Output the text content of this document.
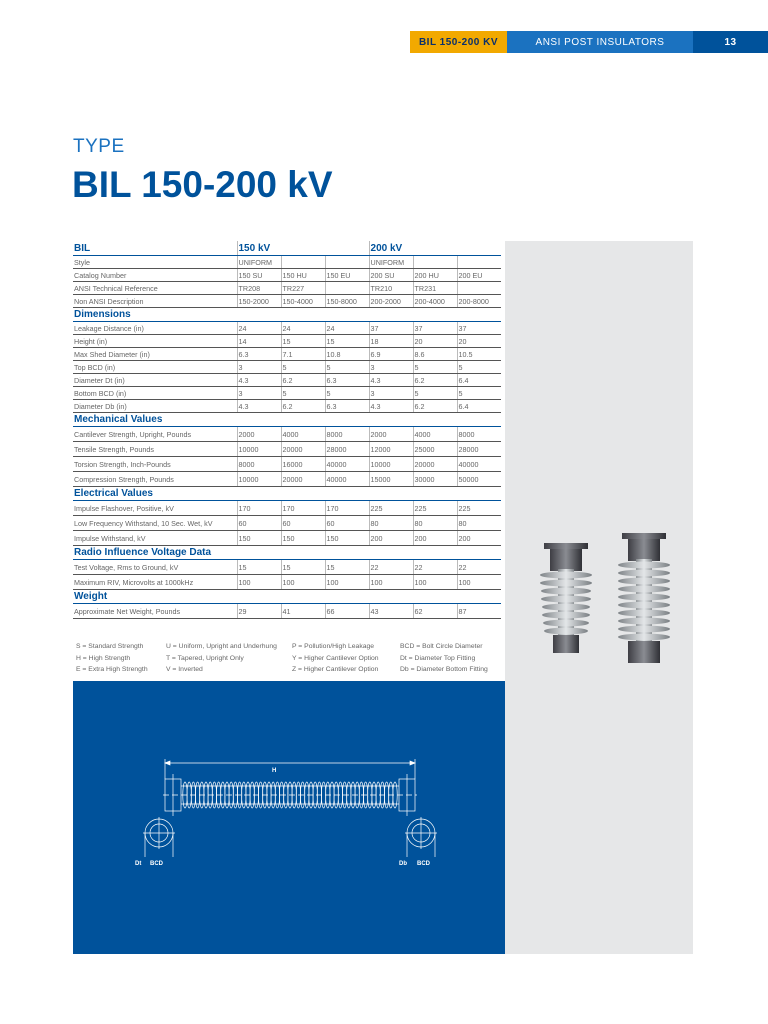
BIL 150-200 KV	ANSI POST INSULATORS	13
TYPE
BIL 150-200 kV
BIL	150 kV			200 kV		
Style	UNIFORM			UNIFORM		
Catalog Number	150 SU	150 HU	150 EU	200 SU	200 HU	200 EU
ANSI Technical Reference	TR208	TR227		TR210	TR231	
Non ANSI Description	150-2000	150-4000	150-8000	200-2000	200-4000	200-8000
Dimensions						
Leakage Distance (in)	24	24	24	37	37	37
Height (in)	14	15	15	18	20	20
Max Shed Diameter (in)	6.3	7.1	10.8	6.9	8.6	10.5
Top BCD (in)	3	5	5	3	5	5
Diameter Dt (in)	4.3	6.2	6.3	4.3	6.2	6.4
Bottom BCD (in)	3	5	5	3	5	5
Diameter Db (in)	4.3	6.2	6.3	4.3	6.2	6.4
Mechanical Values						
Cantilever Strength, Upright, Pounds	2000	4000	8000	2000	4000	8000
Tensile Strength, Pounds	10000	20000	28000	12000	25000	28000
Torsion Strength, Inch-Pounds	8000	16000	40000	10000	20000	40000
Compression Strength, Pounds	10000	20000	40000	15000	30000	50000
Electrical Values						
Impulse Flashover, Positive, kV	170	170	170	225	225	225
Low Frequency Withstand, 10 Sec. Wet, kV	60	60	60	80	80	80
Impulse Withstand, kV	150	150	150	200	200	200
Radio Influence Voltage Data						
Test Voltage, Rms to Ground, kV	15	15	15	22	22	22
Maximum RIV, Microvolts at 1000kHz	100	100	100	100	100	100
Weight						
Approximate Net Weight, Pounds	29	41	66	43	62	87
S = Standard Strength
H = High Strength
E = Extra High Strength
U = Uniform, Upright and Underhung
T = Tapered, Upright Only
V = Inverted
P = Pollution/High Leakage
Y = Higher Cantilever Option
Z = Higher Cantilever Option
BCD = Bolt Circle Diameter
Dt = Diameter Top Fitting
Db = Diameter Bottom Fitting
H
Dt BCD	Db BCD
